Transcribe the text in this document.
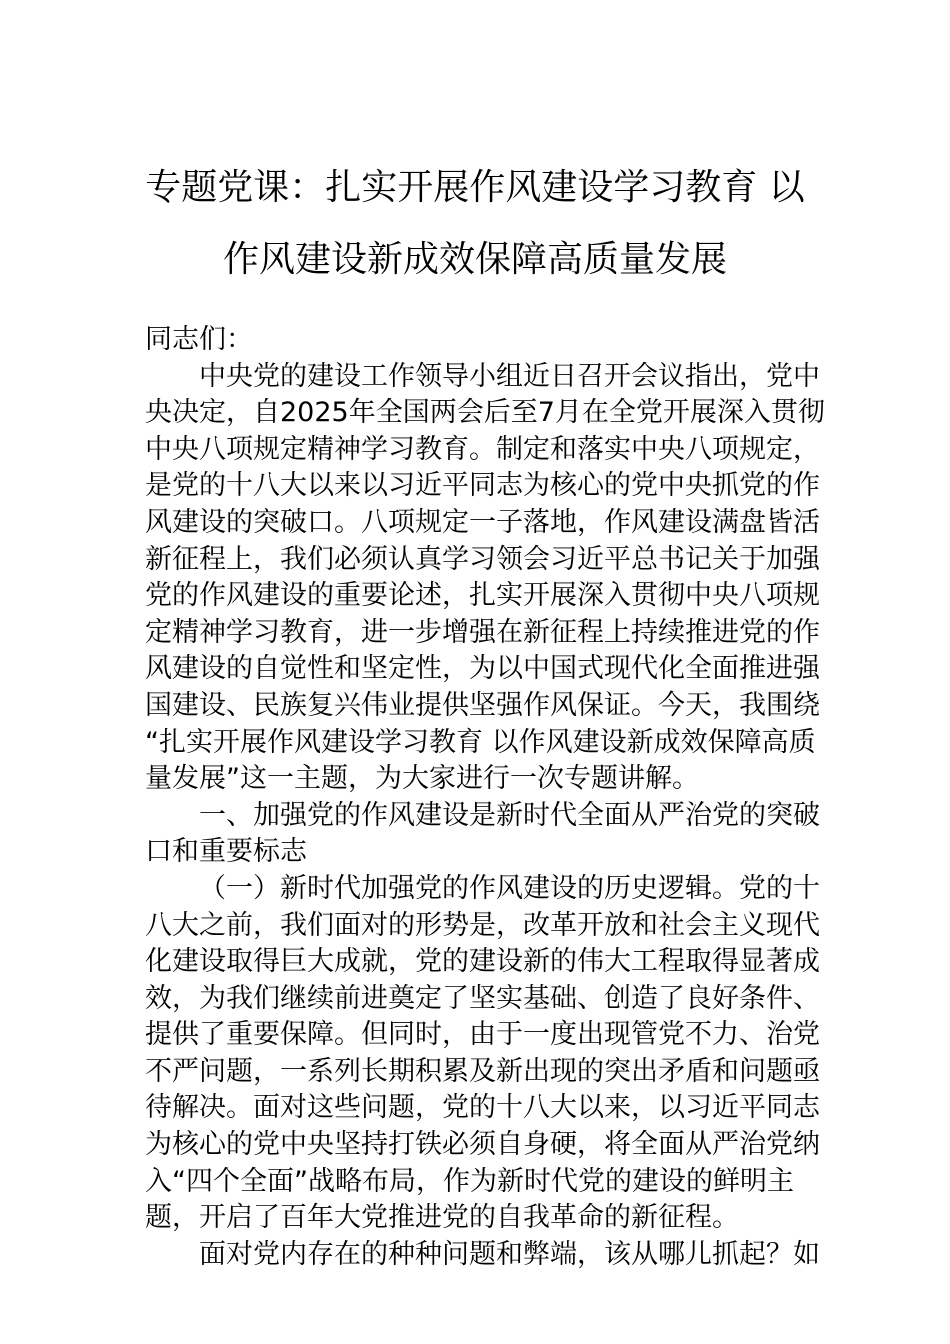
专题党课：扎实开展作风建设学习教育 以
作风建设新成效保障高质量发展
同志们：
中央党的建设工作领导小组近日召开会议指出，党中
央决定，自2025年全国两会后至7月在全党开展深入贯彻
中央八项规定精神学习教育。制定和落实中央八项规定，
是党的十八大以来以习近平同志为核心的党中央抓党的作
风建设的突破口。八项规定一子落地，作风建设满盘皆活
新征程上，我们必须认真学习领会习近平总书记关于加强
党的作风建设的重要论述，扎实开展深入贯彻中央八项规
定精神学习教育，进一步增强在新征程上持续推进党的作
风建设的自觉性和坚定性，为以中国式现代化全面推进强
国建设、民族复兴伟业提供坚强作风保证。今天，我围绕
“扎实开展作风建设学习教育 以作风建设新成效保障高质
量发展”这一主题，为大家进行一次专题讲解。
一、加强党的作风建设是新时代全面从严治党的突破
口和重要标志
（一）新时代加强党的作风建设的历史逻辑。党的十
八大之前，我们面对的形势是，改革开放和社会主义现代
化建设取得巨大成就，党的建设新的伟大工程取得显著成
效，为我们继续前进奠定了坚实基础、创造了良好条件、
提供了重要保障。但同时，由于一度出现管党不力、治党
不严问题，一系列长期积累及新出现的突出矛盾和问题亟
待解决。面对这些问题，党的十八大以来，以习近平同志
为核心的党中央坚持打铁必须自身硬，将全面从严治党纳
入“四个全面”战略布局，作为新时代党的建设的鲜明主
题，开启了百年大党推进党的自我革命的新征程。
面对党内存在的种种问题和弊端，该从哪儿抓起？如
